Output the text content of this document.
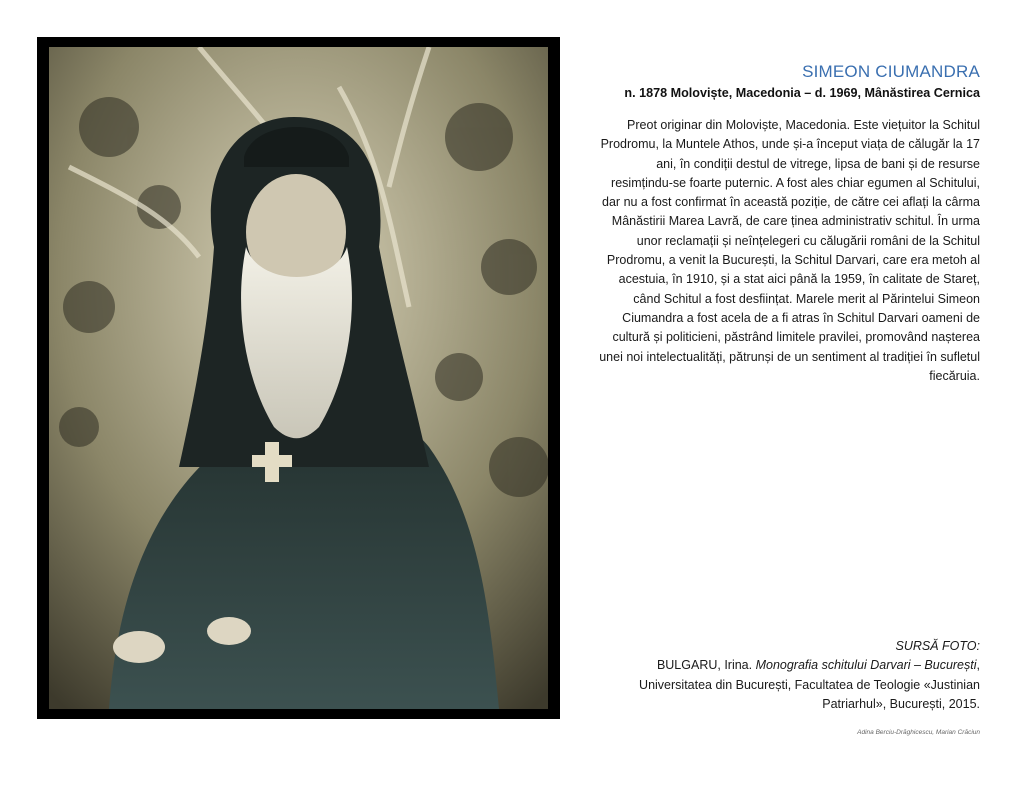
SIMEON CIUMANDRA

n. 1878 Moloviște, Macedonia – d. 1969, Mânăstirea Cernica

Preot originar din Moloviște, Macedonia. Este viețuitor la Schitul Prodromu, la Muntele Athos, unde și-a început viața de călugăr la 17 ani, în condiții destul de vitrege, lipsa de bani și de resurse resimțindu-se foarte puternic. A fost ales chiar egumen al Schitului, dar nu a fost confirmat în această poziție, de către cei aflați la cârma Mânăstirii Marea Lavră, de care ținea administrativ schitul. În urma unor reclamații și neînțelegeri cu călugării români de la Schitul Prodromu, a venit la București, la Schitul Darvari, care era metoh al acestuia, în 1910, și a stat aici până la 1959, în calitate de Stareț, când Schitul a fost desființat. Marele merit al Părintelui Simeon Ciumandra a fost acela de a fi atras în Schitul Darvari oameni de cultură și politicieni, păstrând limitele pravilei, promovând nașterea unei noi intelectualități, pătrunși de un sentiment al tradiției în sufletul fiecăruia.

SURSĂ FOTO:
BULGARU, Irina. Monografia schitului Darvari – București, Universitatea din București, Facultatea de Teologie «Justinian Patriarhul», București, 2015.
Adina Berciu-Drăghicescu, Marian Crăciun
